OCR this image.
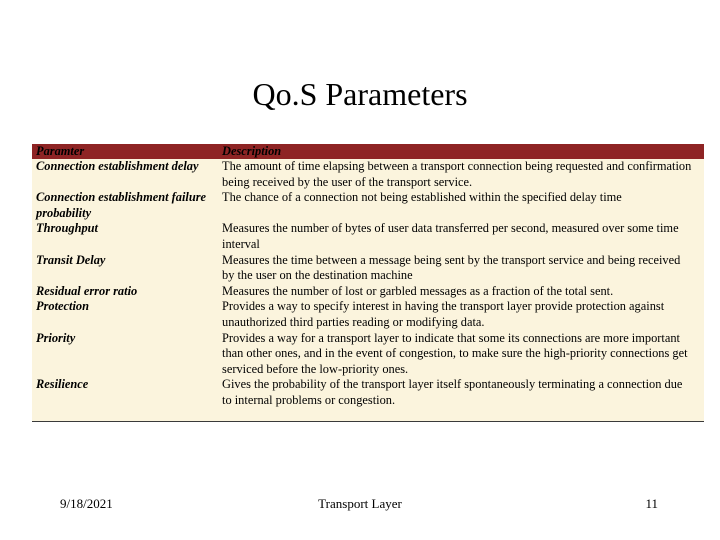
Qo.S Parameters
Paramter	Description
Connection establishment delay	The amount of time elapsing between a transport connection being requested and confirmation being received by the user of the transport service.
Connection establishment failure probability	The chance of a connection not being established within the specified delay time
Throughput	Measures the number of bytes of user data transferred per second, measured over some time interval
Transit Delay	Measures the time between a message being sent by the transport service and being received by the user on the destination machine
Residual error ratio	Measures the number of lost or garbled messages as a fraction of the total sent.
Protection	Provides a way to specify interest in having the transport layer provide protection against unauthorized third parties reading or modifying data.
Priority	Provides a way for a transport layer to indicate that some its connections are more important than other ones, and in the event of congestion, to make sure the high-priority connections get serviced before the low-priority ones.
Resilience	Gives the probability of the transport layer itself spontaneously terminating a connection due to internal problems or congestion.
9/18/2021	Transport Layer	11
